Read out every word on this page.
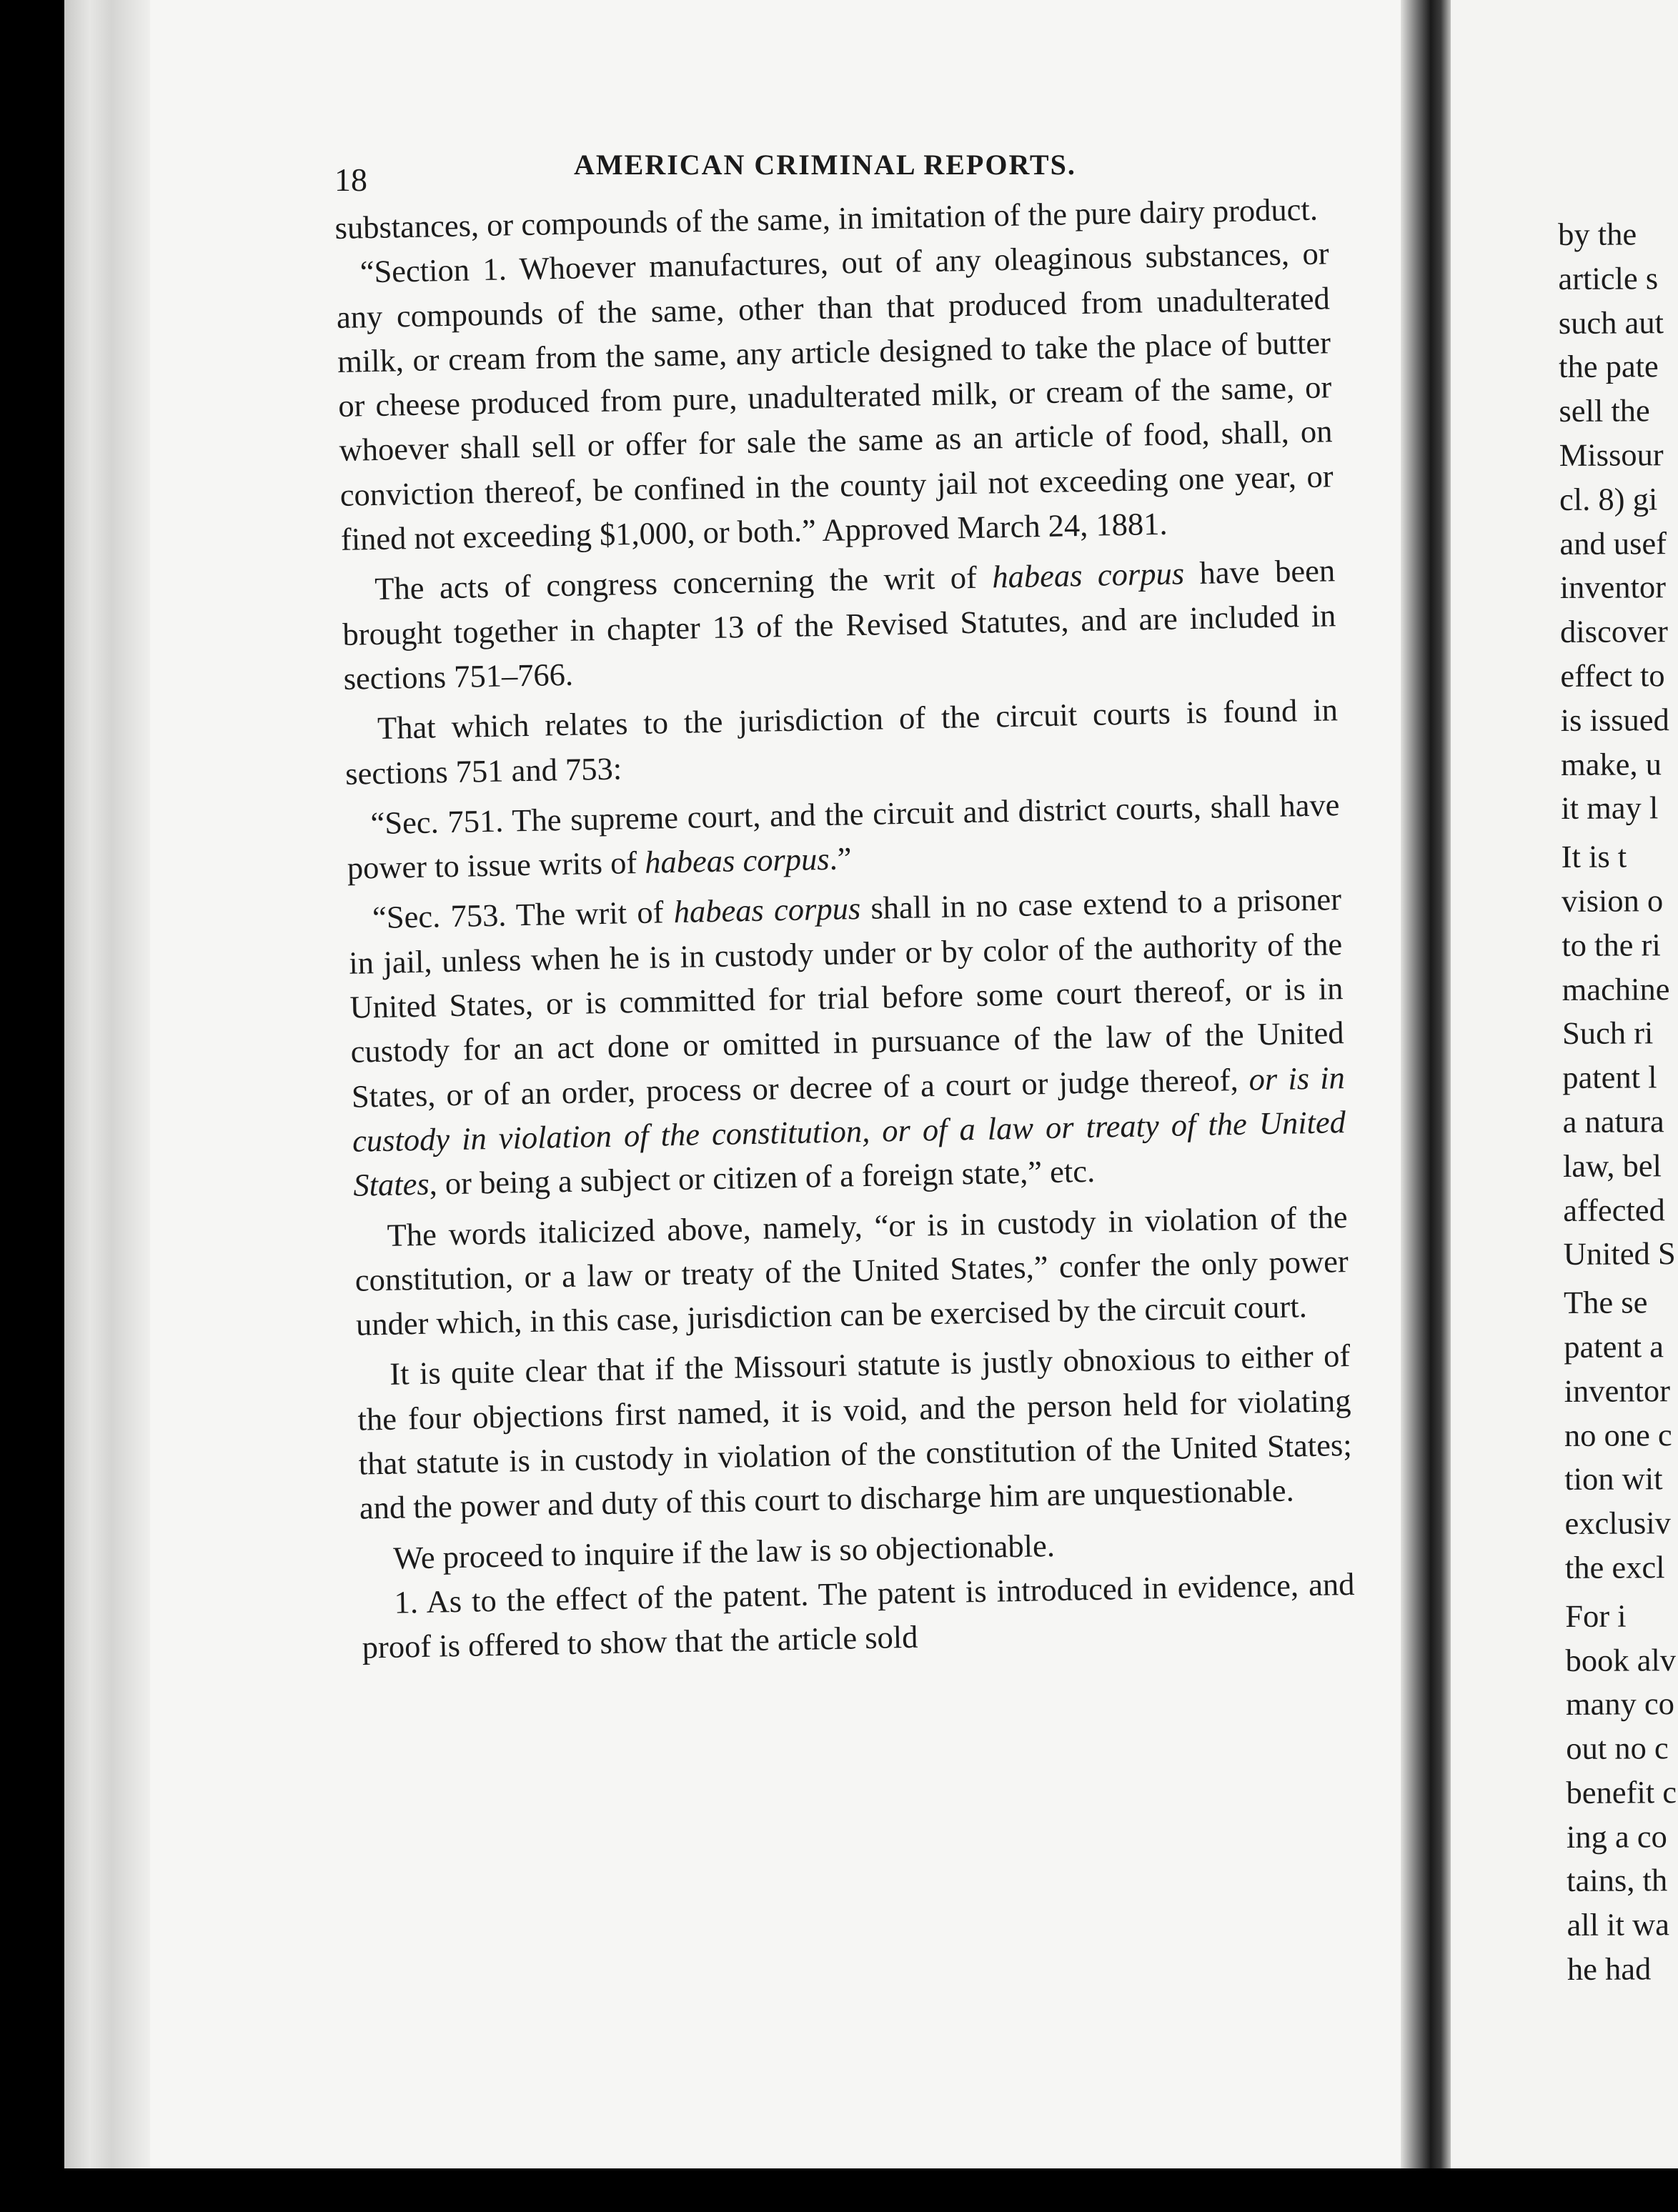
18	AMERICAN CRIMINAL REPORTS.

substances, or compounds of the same, in imitation of the pure dairy product.

“Section 1. Whoever manufactures, out of any oleaginous substances, or any compounds of the same, other than that produced from unadulterated milk, or cream from the same, any article designed to take the place of butter or cheese produced from pure, unadulterated milk, or cream of the same, or whoever shall sell or offer for sale the same as an article of food, shall, on conviction thereof, be confined in the county jail not exceeding one year, or fined not exceeding $1,000, or both.” Approved March 24, 1881.

The acts of congress concerning the writ of habeas corpus have been brought together in chapter 13 of the Revised Statutes, and are included in sections 751–766.

That which relates to the jurisdiction of the circuit courts is found in sections 751 and 753:

“Sec. 751. The supreme court, and the circuit and district courts, shall have power to issue writs of habeas corpus.”

“Sec. 753. The writ of habeas corpus shall in no case extend to a prisoner in jail, unless when he is in custody under or by color of the authority of the United States, or is committed for trial before some court thereof, or is in custody for an act done or omitted in pursuance of the law of the United States, or of an order, process or decree of a court or judge thereof, or is in custody in violation of the constitution, or of a law or treaty of the United States, or being a subject or citizen of a foreign state,” etc.

The words italicized above, namely, “or is in custody in violation of the constitution, or a law or treaty of the United States,” confer the only power under which, in this case, jurisdiction can be exercised by the circuit court.

It is quite clear that if the Missouri statute is justly obnoxious to either of the four objections first named, it is void, and the person held for violating that statute is in custody in violation of the constitution of the United States; and the power and duty of this court to discharge him are unquestionable.

We proceed to inquire if the law is so objectionable.

1. As to the effect of the patent. The patent is introduced in evidence, and proof is offered to show that the article sold

by the
article s
such aut
the pate
sell the
Missour
cl. 8) gi
and usef
inventor
discover
effect to
is issued
make, u
it may l
It is t
vision o
to the ri
machine
Such ri
patent l
a natura
law, bel
affected
United S
The se
patent a
inventor
no one c
tion wit
exclusiv
the excl
For i
book alv
many co
out no c
benefit c
ing a co
tains, th
all it wa
he had
